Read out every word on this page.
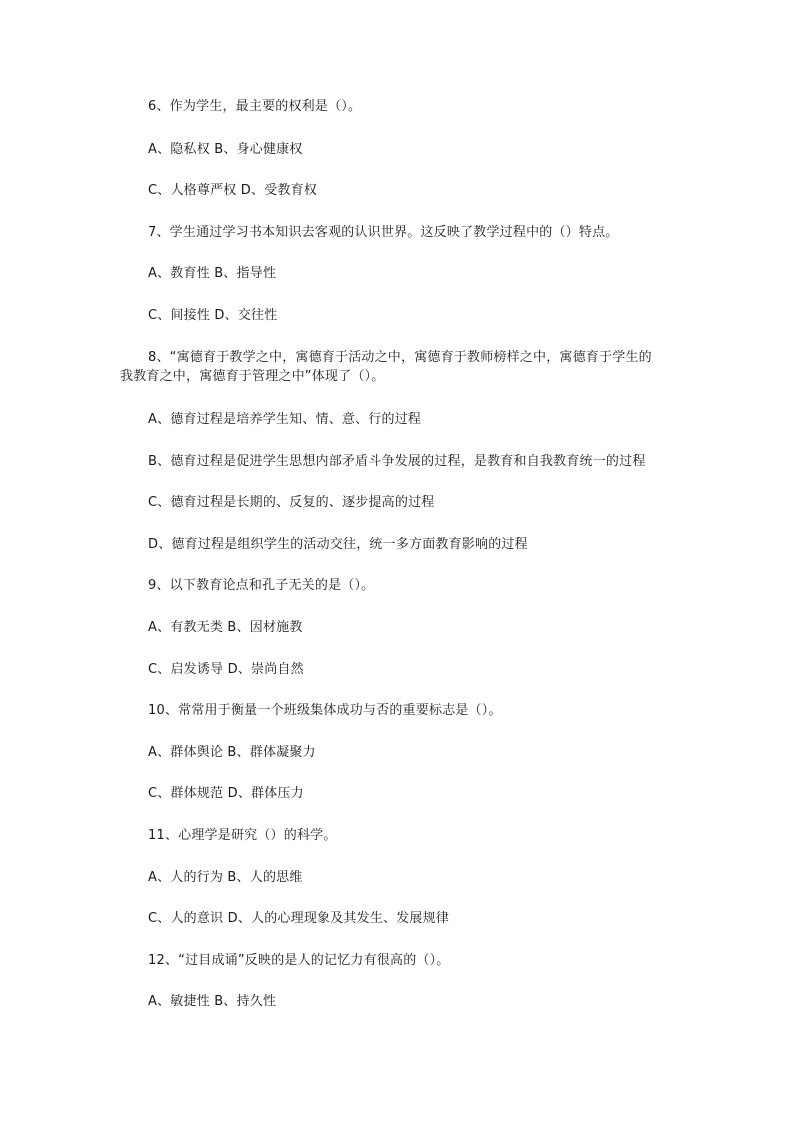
6、作为学生，最主要的权利是（）。
A、隐私权 B、身心健康权
C、人格尊严权 D、受教育权
7、学生通过学习书本知识去客观的认识世界。这反映了教学过程中的（）特点。
A、教育性 B、指导性
C、间接性 D、交往性
8、“寓德育于教学之中，寓德育于活动之中，寓德育于教师榜样之中，寓德育于学生的我教育之中，寓德育于管理之中”体现了（）。
A、德育过程是培养学生知、情、意、行的过程
B、德育过程是促进学生思想内部矛盾斗争发展的过程，是教育和自我教育统一的过程
C、德育过程是长期的、反复的、逐步提高的过程
D、德育过程是组织学生的活动交往，统一多方面教育影响的过程
9、以下教育论点和孔子无关的是（）。
A、有教无类 B、因材施教
C、启发诱导 D、崇尚自然
10、常常用于衡量一个班级集体成功与否的重要标志是（）。
A、群体舆论 B、群体凝聚力
C、群体规范 D、群体压力
11、心理学是研究（）的科学。
A、人的行为 B、人的思维
C、人的意识 D、人的心理现象及其发生、发展规律
12、“过目成诵”反映的是人的记忆力有很高的（）。
A、敏捷性 B、持久性
